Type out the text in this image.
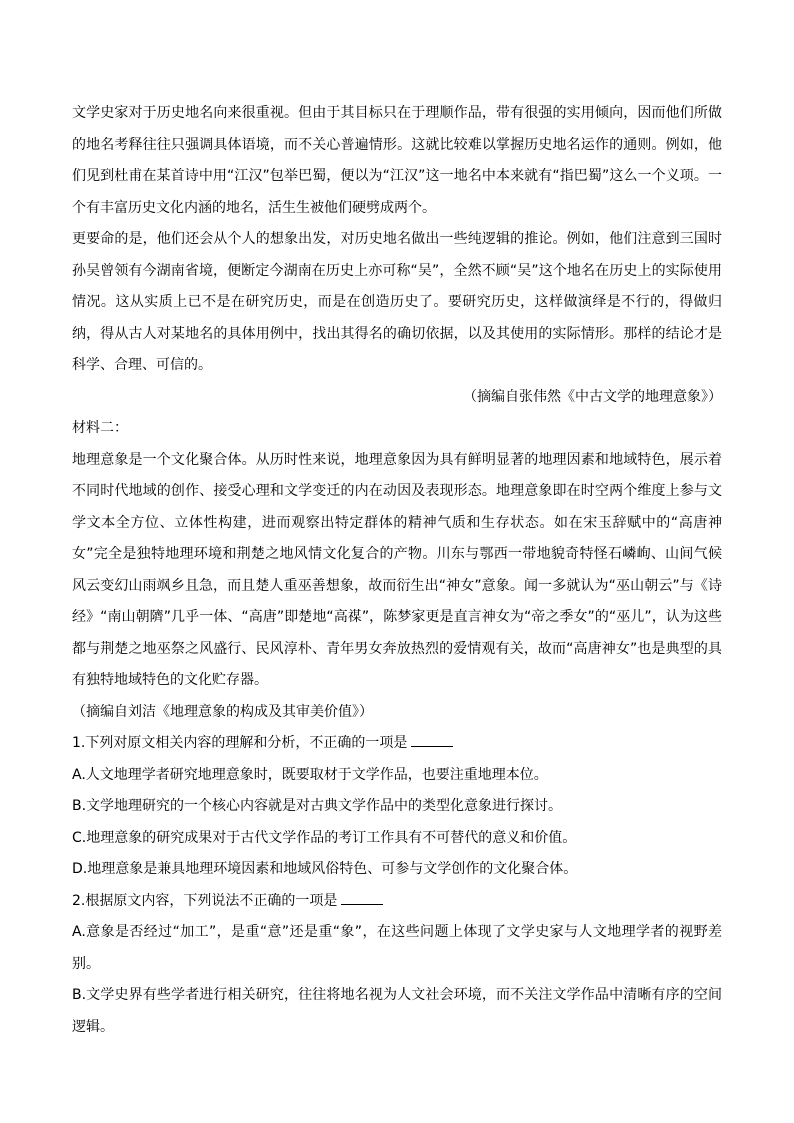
文学史家对于历史地名向来很重视。但由于其目标只在于理顺作品，带有很强的实用倾向，因而他们所做的地名考释往往只强调具体语境，而不关心普遍情形。这就比较难以掌握历史地名运作的通则。例如，他们见到杜甫在某首诗中用“江汉”包举巴蜀，便以为“江汉”这一地名中本来就有“指巴蜀”这么一个义项。一个有丰富历史文化内涵的地名，活生生被他们硬劈成两个。

更要命的是，他们还会从个人的想象出发，对历史地名做出一些纯逻辑的推论。例如，他们注意到三国时孙吴曾领有今湖南省境，便断定今湖南在历史上亦可称“吴”，全然不顾“吴”这个地名在历史上的实际使用情况。这从实质上已不是在研究历史，而是在创造历史了。要研究历史，这样做演绎是不行的，得做归纳，得从古人对某地名的具体用例中，找出其得名的确切依据，以及其使用的实际情形。那样的结论才是科学、合理、可信的。

（摘编自张伟然《中古文学的地理意象》）

材料二：

地理意象是一个文化聚合体。从历时性来说，地理意象因为具有鲜明显著的地理因素和地域特色，展示着不同时代地域的创作、接受心理和文学变迁的内在动因及表现形态。地理意象即在时空两个维度上参与文学文本全方位、立体性构建，进而观察出特定群体的精神气质和生存状态。如在宋玉辞赋中的“高唐神女”完全是独特地理环境和荆楚之地风情文化复合的产物。川东与鄂西一带地貌奇特怪石嶙峋、山间气候风云变幻山雨飒乡且急，而且楚人重巫善想象，故而衍生出“神女”意象。闻一多就认为“巫山朝云”与《诗经》“南山朝隮”几乎一体、“高唐”即楚地“高禖”，陈梦家更是直言神女为“帝之季女”的“巫儿”，认为这些都与荆楚之地巫祭之风盛行、民风淳朴、青年男女奔放热烈的爱情观有关，故而“高唐神女”也是典型的具有独特地域特色的文化贮存器。

（摘编自刘洁《地理意象的构成及其审美价值》）

1.下列对原文相关内容的理解和分析，不正确的一项是

A.人文地理学者研究地理意象时，既要取材于文学作品，也要注重地理本位。

B.文学地理研究的一个核心内容就是对古典文学作品中的类型化意象进行探讨。

C.地理意象的研究成果对于古代文学作品的考订工作具有不可替代的意义和价值。

D.地理意象是兼具地理环境因素和地域风俗特色、可参与文学创作的文化聚合体。

2.根据原文内容，下列说法不正确的一项是

A.意象是否经过“加工”，是重“意”还是重“象”，在这些问题上体现了文学史家与人文地理学者的视野差别。

B.文学史界有些学者进行相关研究，往往将地名视为人文社会环境，而不关注文学作品中清晰有序的空间逻辑。
